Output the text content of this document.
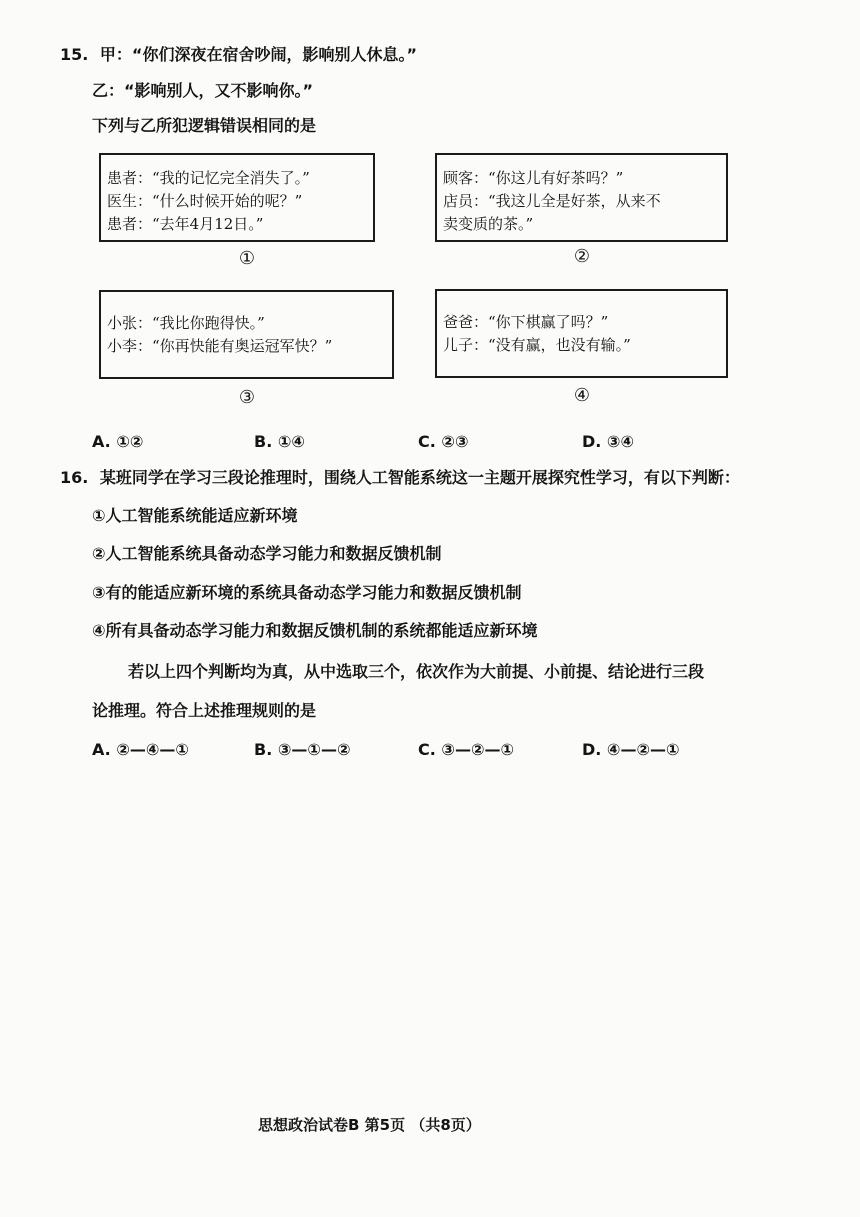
15. 甲：“你们深夜在宿舍吵闹，影响别人休息。”
乙：“影响别人，又不影响你。”
下列与乙所犯逻辑错误相同的是
患者：“我的记忆完全消失了。”
医生：“什么时候开始的呢？”
患者：“去年4月12日。”
①
顾客：“你这儿有好茶吗？”
店员：“我这儿全是好茶，从来不
卖变质的茶。”
②
小张：“我比你跑得快。”
小李：“你再快能有奥运冠军快？”
③
爸爸：“你下棋赢了吗？”
儿子：“没有赢，也没有输。”
④
A. ①②	B. ①④	C. ②③	D. ③④
16. 某班同学在学习三段论推理时，围绕人工智能系统这一主题开展探究性学习，有以下判断：
①人工智能系统能适应新环境
②人工智能系统具备动态学习能力和数据反馈机制
③有的能适应新环境的系统具备动态学习能力和数据反馈机制
④所有具备动态学习能力和数据反馈机制的系统都能适应新环境
若以上四个判断均为真，从中选取三个，依次作为大前提、小前提、结论进行三段
论推理。符合上述推理规则的是
A. ②—④—①	B. ③—①—②	C. ③—②—①	D. ④—②—①
思想政治试卷B 第5页 （共8页）
